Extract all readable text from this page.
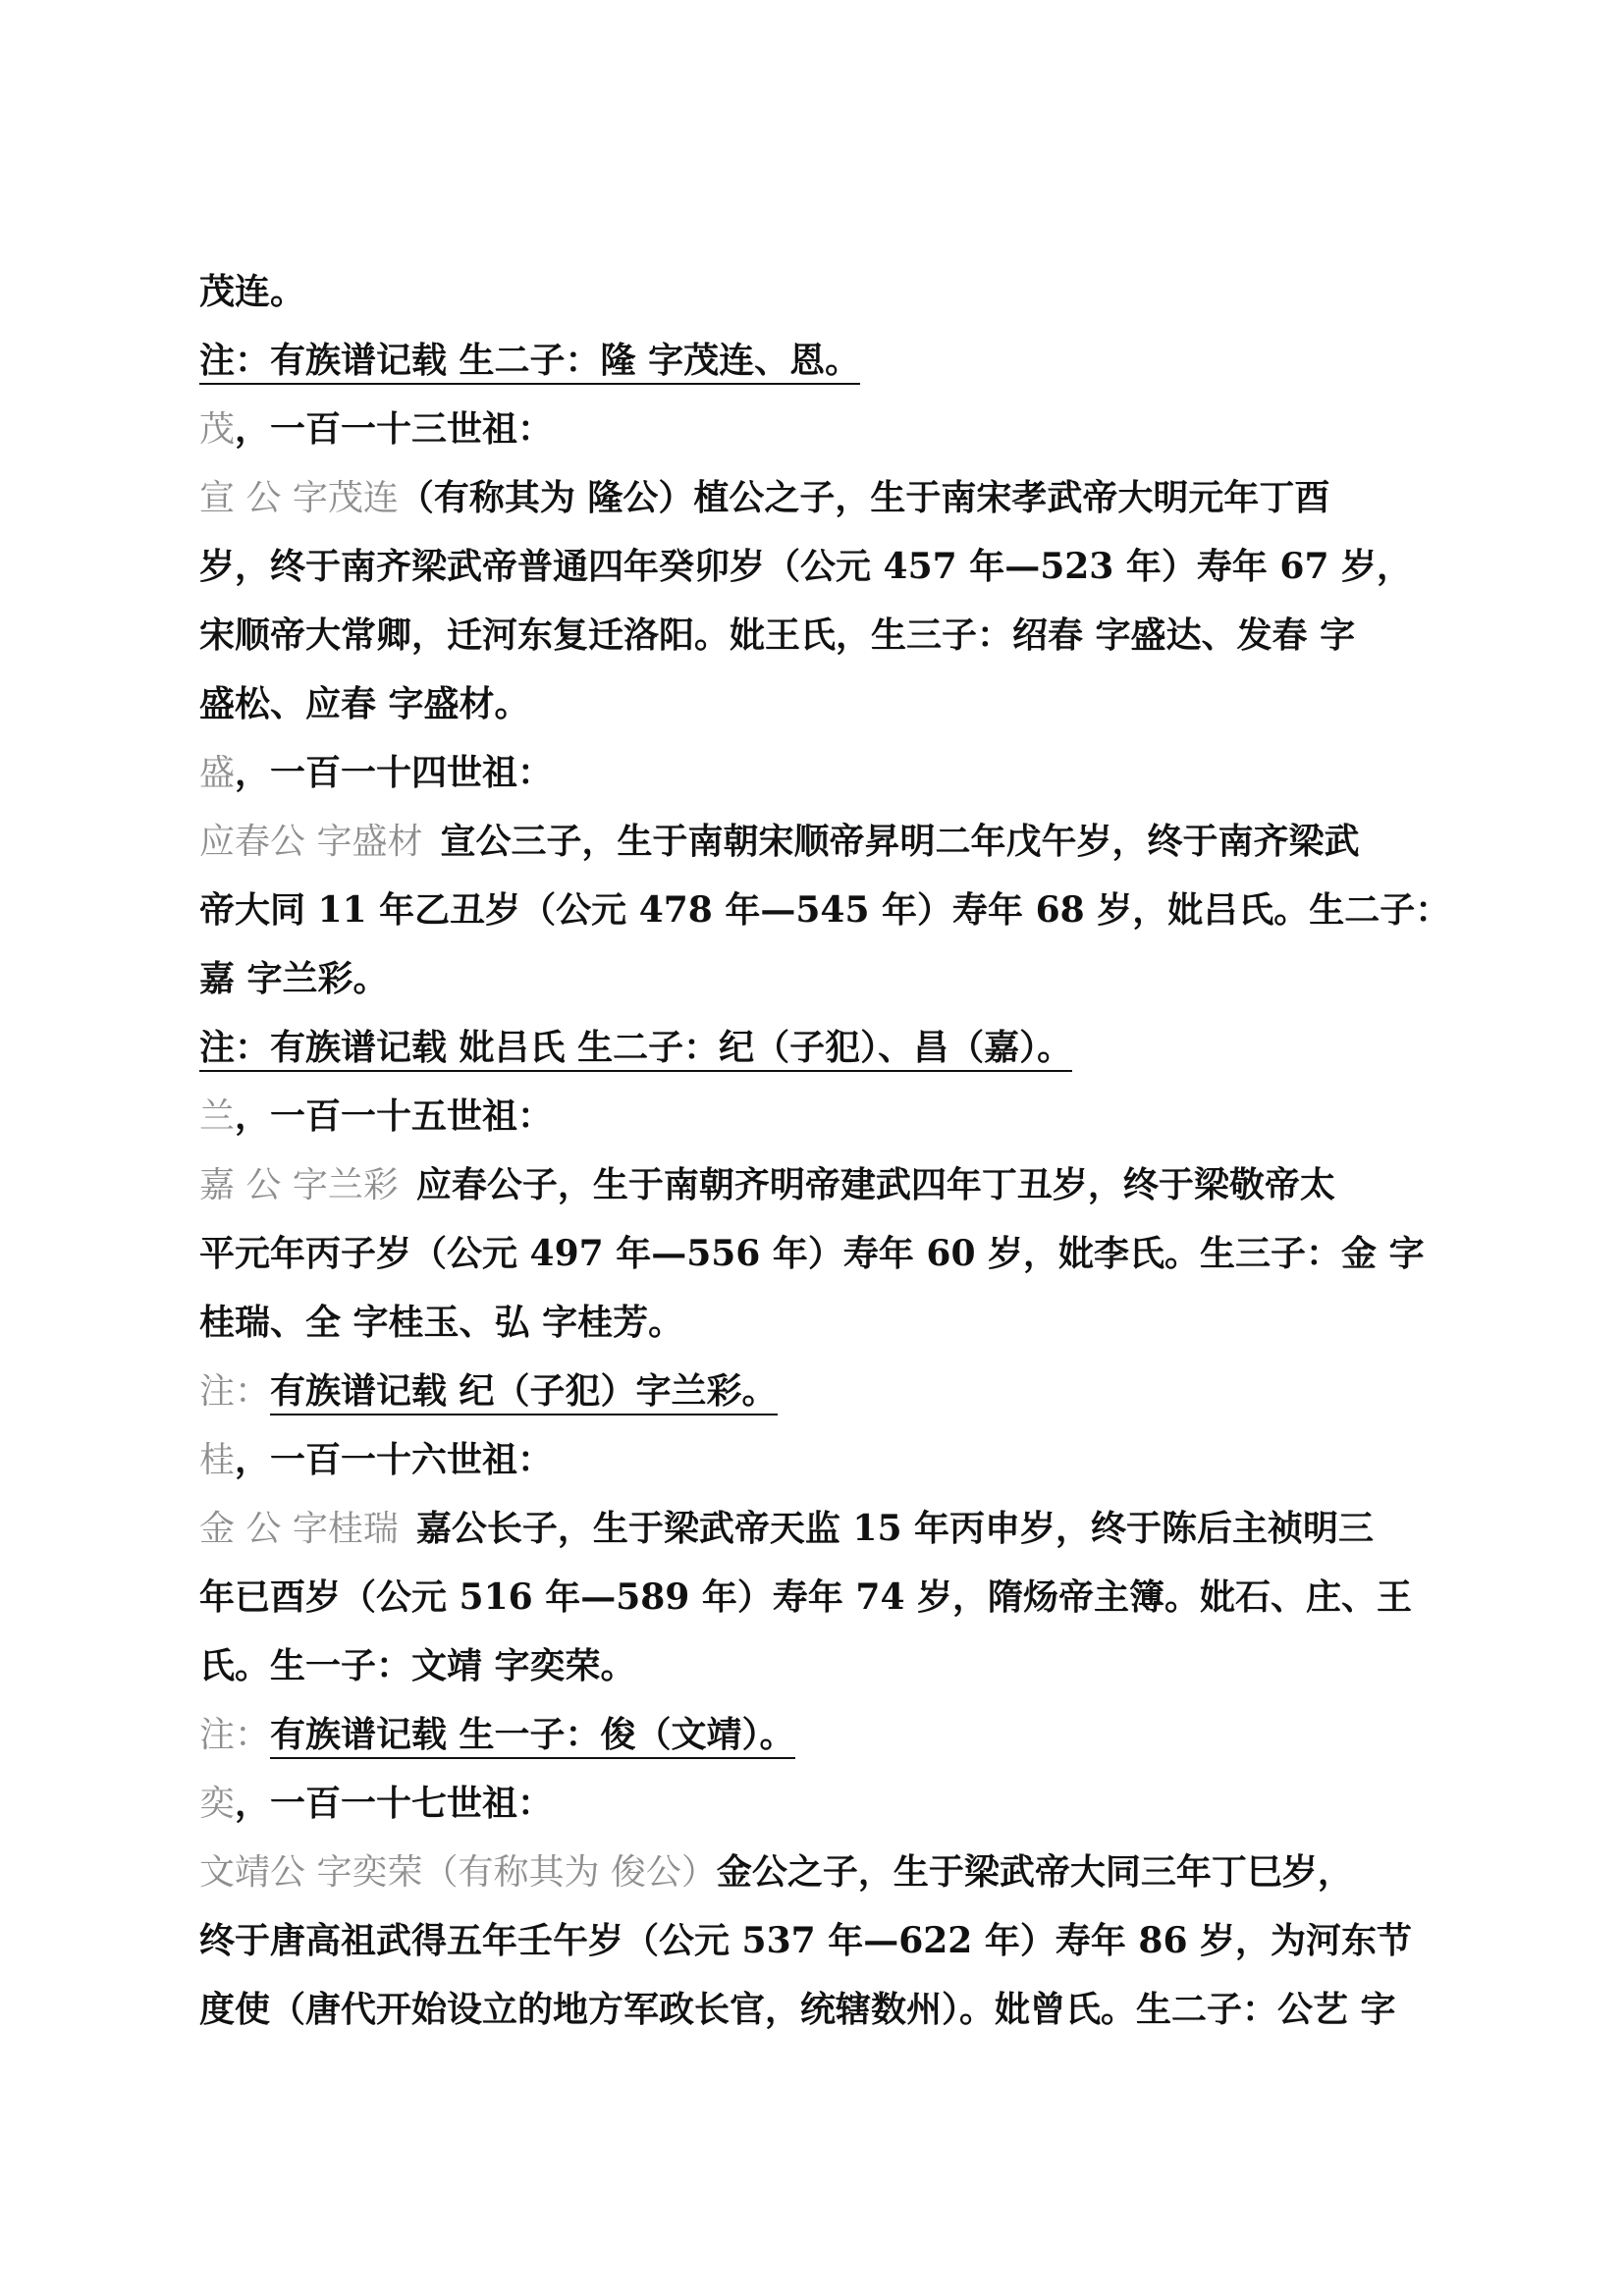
茂连。
注：有族谱记载 生二子：隆 字茂连、恩。
茂，一百一十三世祖：
宣 公 字茂连（有称其为 隆公）植公之子，生于南宋孝武帝大明元年丁酉
岁，终于南齐梁武帝普通四年癸卯岁（公元 457 年—523 年）寿年 67 岁，
宋顺帝大常卿，迁河东复迁洛阳。妣王氏，生三子：绍春 字盛达、发春 字
盛松、应春 字盛材。
盛，一百一十四世祖：
应春公 字盛材 宣公三子，生于南朝宋顺帝昇明二年戊午岁，终于南齐梁武
帝大同 11 年乙丑岁（公元 478 年—545 年）寿年 68 岁，妣吕氏。生二子：
嘉 字兰彩。
注：有族谱记载 妣吕氏 生二子：纪（子犯）、昌（嘉）。
兰，一百一十五世祖：
嘉 公 字兰彩 应春公子，生于南朝齐明帝建武四年丁丑岁，终于梁敬帝太
平元年丙子岁（公元 497 年—556 年）寿年 60 岁，妣李氏。生三子：金 字
桂瑞、全 字桂玉、弘 字桂芳。
注：有族谱记载 纪（子犯）字兰彩。
桂，一百一十六世祖：
金 公 字桂瑞 嘉公长子，生于梁武帝天监 15 年丙申岁，终于陈后主祯明三
年已酉岁（公元 516 年—589 年）寿年 74 岁，隋炀帝主簿。妣石、庄、王
氏。生一子：文靖 字奕荣。
注：有族谱记载 生一子：俊（文靖）。
奕，一百一十七世祖：
文靖公 字奕荣（有称其为 俊公）金公之子，生于梁武帝大同三年丁巳岁，
终于唐高祖武得五年壬午岁（公元 537 年—622 年）寿年 86 岁，为河东节
度使（唐代开始设立的地方军政长官，统辖数州）。妣曾氏。生二子：公艺 字
